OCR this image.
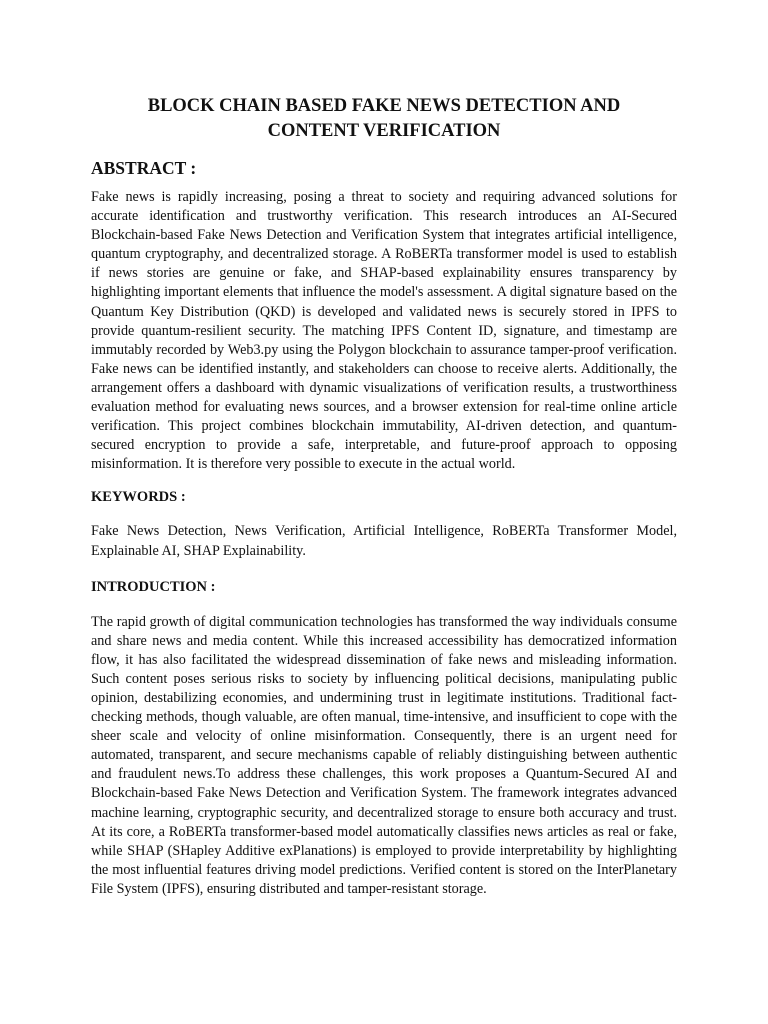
BLOCK CHAIN BASED FAKE NEWS DETECTION AND CONTENT VERIFICATION
ABSTRACT :

Fake news is rapidly increasing, posing a threat to society and requiring advanced solutions for accurate identification and trustworthy verification. This research introduces an AI-Secured Blockchain-based Fake News Detection and Verification System that integrates artificial intelligence, quantum cryptography, and decentralized storage. A RoBERTa transformer model is used to establish if news stories are genuine or fake, and SHAP-based explainability ensures transparency by highlighting important elements that influence the model's assessment. A digital signature based on the Quantum Key Distribution (QKD) is developed and validated news is securely stored in IPFS to provide quantum-resilient security. The matching IPFS Content ID, signature, and timestamp are immutably recorded by Web3.py using the Polygon blockchain to assurance tamper-proof verification. Fake news can be identified instantly, and stakeholders can choose to receive alerts. Additionally, the arrangement offers a dashboard with dynamic visualizations of verification results, a trustworthiness evaluation method for evaluating news sources, and a browser extension for real-time online article verification. This project combines blockchain immutability, AI-driven detection, and quantum-secured encryption to provide a safe, interpretable, and future-proof approach to opposing misinformation. It is therefore very possible to execute in the actual world.

KEYWORDS :

Fake News Detection, News Verification, Artificial Intelligence, RoBERTa Transformer Model, Explainable AI, SHAP Explainability.

INTRODUCTION :

The rapid growth of digital communication technologies has transformed the way individuals consume and share news and media content. While this increased accessibility has democratized information flow, it has also facilitated the widespread dissemination of fake news and misleading information. Such content poses serious risks to society by influencing political decisions, manipulating public opinion, destabilizing economies, and undermining trust in legitimate institutions. Traditional fact-checking methods, though valuable, are often manual, time-intensive, and insufficient to cope with the sheer scale and velocity of online misinformation. Consequently, there is an urgent need for automated, transparent, and secure mechanisms capable of reliably distinguishing between authentic and fraudulent news.To address these challenges, this work proposes a Quantum-Secured AI and Blockchain-based Fake News Detection and Verification System. The framework integrates advanced machine learning, cryptographic security, and decentralized storage to ensure both accuracy and trust. At its core, a RoBERTa transformer-based model automatically classifies news articles as real or fake, while SHAP (SHapley Additive exPlanations) is employed to provide interpretability by highlighting the most influential features driving model predictions. Verified content is stored on the InterPlanetary File System (IPFS), ensuring distributed and tamper-resistant storage.
